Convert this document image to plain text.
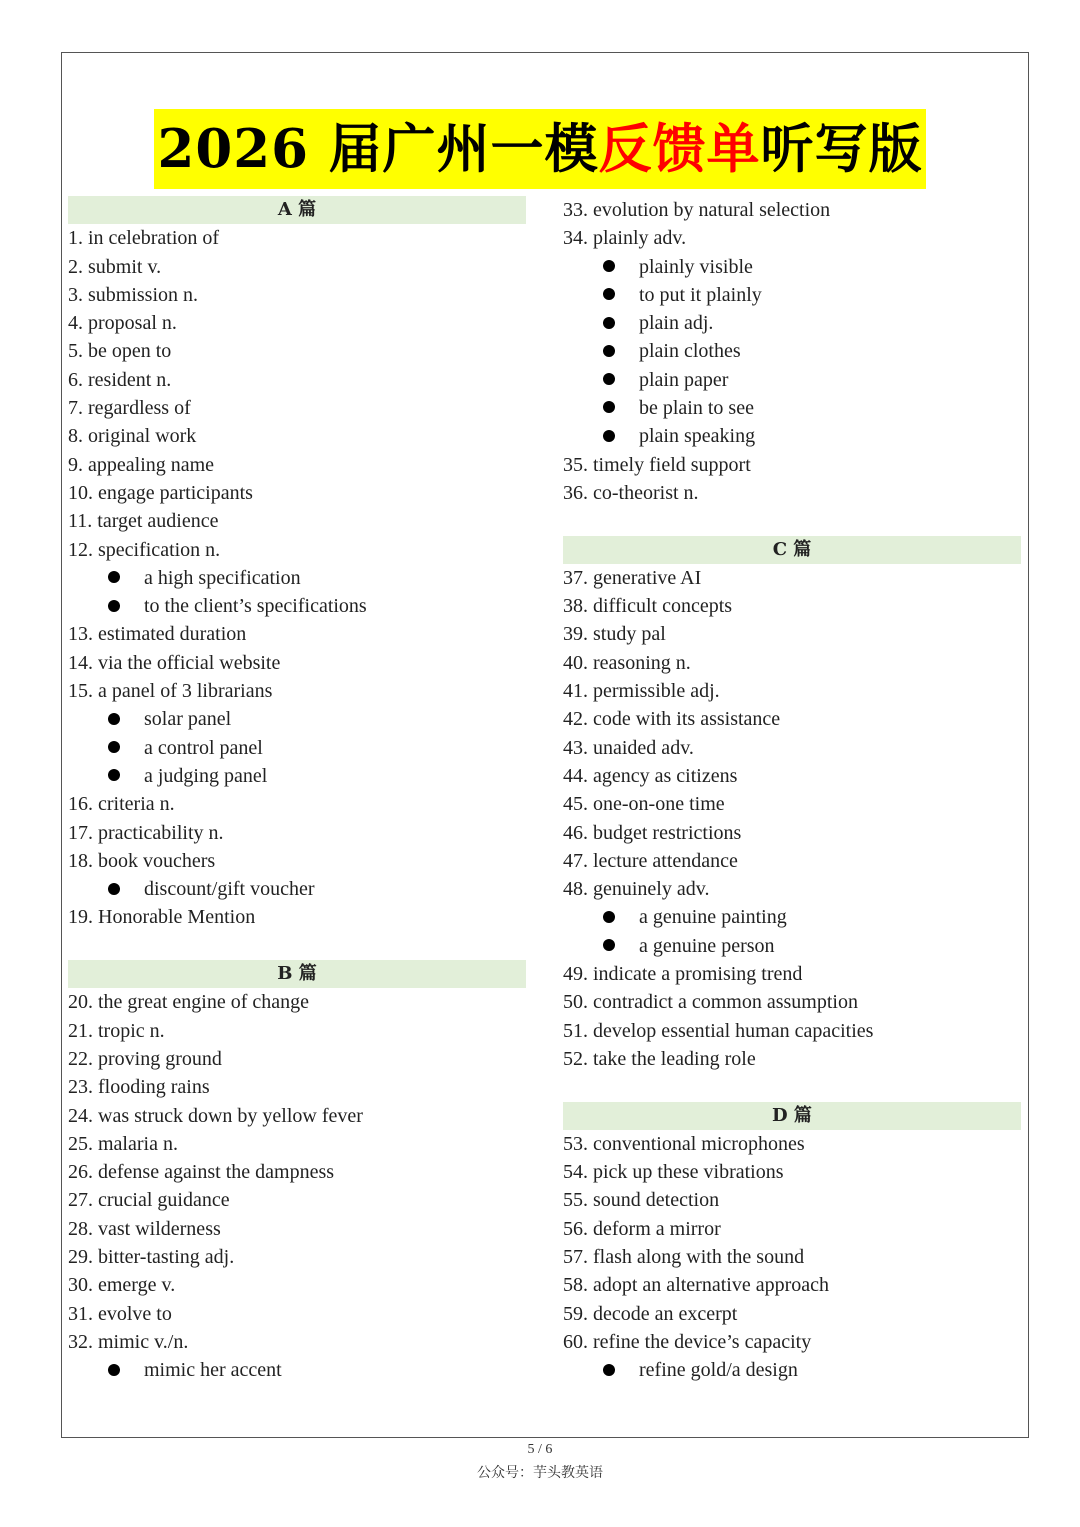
2026 届广州一模反馈单听写版
A 篇
1. in celebration of
2. submit v.
3. submission n.
4. proposal n.
5. be open to
6. resident n.
7. regardless of
8. original work
9. appealing name
10. engage participants
11. target audience
12. specification n.
a high specification
to the client’s specifications
13. estimated duration
14. via the official website
15. a panel of 3 librarians
solar panel
a control panel
a judging panel
16. criteria n.
17. practicability n.
18. book vouchers
discount/gift voucher
19. Honorable Mention
B 篇
20. the great engine of change
21. tropic n.
22. proving ground
23. flooding rains
24. was struck down by yellow fever
25. malaria n.
26. defense against the dampness
27. crucial guidance
28. vast wilderness
29. bitter-tasting adj.
30. emerge v.
31. evolve to
32. mimic v./n.
mimic her accent
33. evolution by natural selection
34. plainly adv.
plainly visible
to put it plainly
plain adj.
plain clothes
plain paper
be plain to see
plain speaking
35. timely field support
36. co-theorist n.
C 篇
37. generative AI
38. difficult concepts
39. study pal
40. reasoning n.
41. permissible adj.
42. code with its assistance
43. unaided adv.
44. agency as citizens
45. one-on-one time
46. budget restrictions
47. lecture attendance
48. genuinely adv.
a genuine painting
a genuine person
49. indicate a promising trend
50. contradict a common assumption
51. develop essential human capacities
52. take the leading role
D 篇
53. conventional microphones
54. pick up these vibrations
55. sound detection
56. deform a mirror
57. flash along with the sound
58. adopt an alternative approach
59. decode an excerpt
60. refine the device’s capacity
refine gold/a design
5 / 6
公众号：芋头教英语
